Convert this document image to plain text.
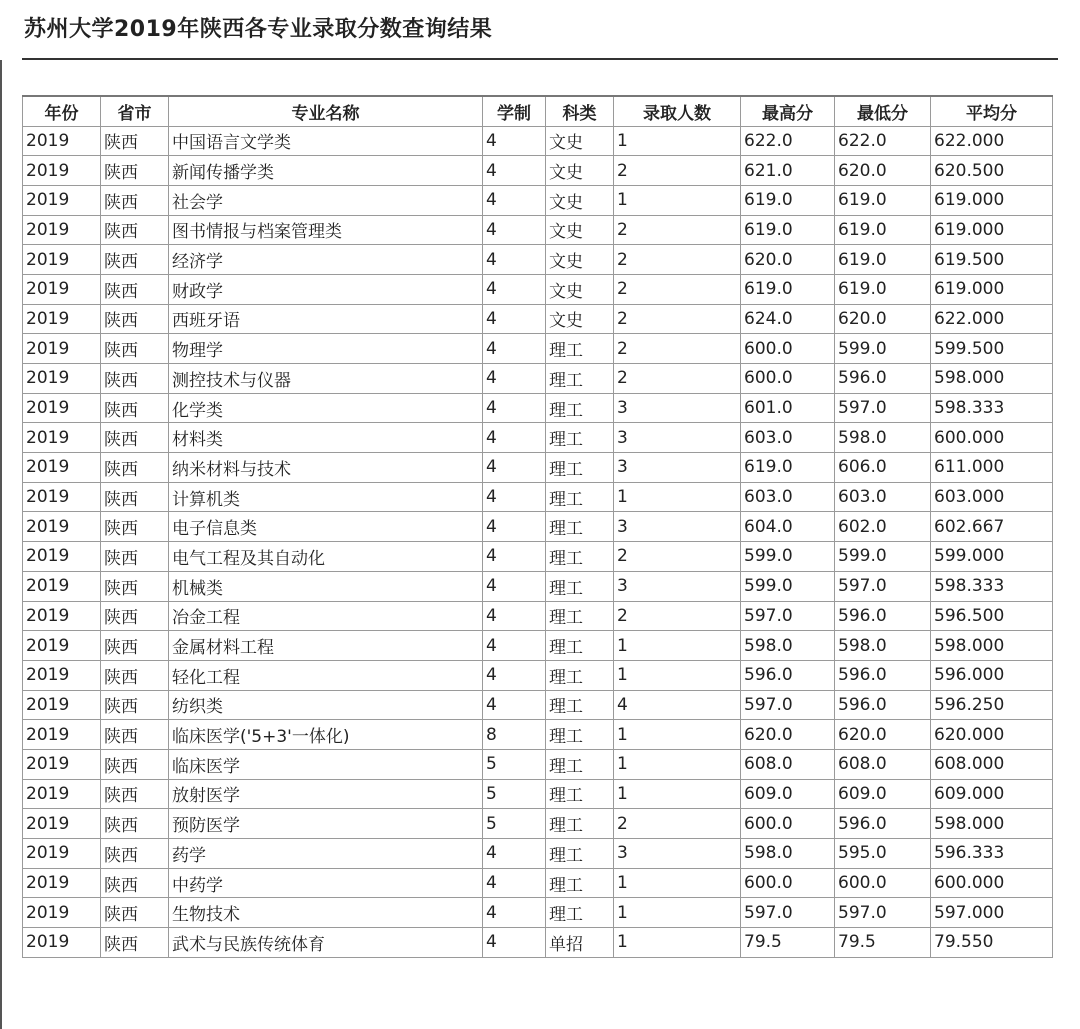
苏州大学2019年陕西各专业录取分数查询结果
年份	省市	专业名称	学制	科类	录取人数	最高分	最低分	平均分
2019	陕西	中国语言文学类	4	文史	1	622.0	622.0	622.000
2019	陕西	新闻传播学类	4	文史	2	621.0	620.0	620.500
2019	陕西	社会学	4	文史	1	619.0	619.0	619.000
2019	陕西	图书情报与档案管理类	4	文史	2	619.0	619.0	619.000
2019	陕西	经济学	4	文史	2	620.0	619.0	619.500
2019	陕西	财政学	4	文史	2	619.0	619.0	619.000
2019	陕西	西班牙语	4	文史	2	624.0	620.0	622.000
2019	陕西	物理学	4	理工	2	600.0	599.0	599.500
2019	陕西	测控技术与仪器	4	理工	2	600.0	596.0	598.000
2019	陕西	化学类	4	理工	3	601.0	597.0	598.333
2019	陕西	材料类	4	理工	3	603.0	598.0	600.000
2019	陕西	纳米材料与技术	4	理工	3	619.0	606.0	611.000
2019	陕西	计算机类	4	理工	1	603.0	603.0	603.000
2019	陕西	电子信息类	4	理工	3	604.0	602.0	602.667
2019	陕西	电气工程及其自动化	4	理工	2	599.0	599.0	599.000
2019	陕西	机械类	4	理工	3	599.0	597.0	598.333
2019	陕西	冶金工程	4	理工	2	597.0	596.0	596.500
2019	陕西	金属材料工程	4	理工	1	598.0	598.0	598.000
2019	陕西	轻化工程	4	理工	1	596.0	596.0	596.000
2019	陕西	纺织类	4	理工	4	597.0	596.0	596.250
2019	陕西	临床医学('5+3'一体化)	8	理工	1	620.0	620.0	620.000
2019	陕西	临床医学	5	理工	1	608.0	608.0	608.000
2019	陕西	放射医学	5	理工	1	609.0	609.0	609.000
2019	陕西	预防医学	5	理工	2	600.0	596.0	598.000
2019	陕西	药学	4	理工	3	598.0	595.0	596.333
2019	陕西	中药学	4	理工	1	600.0	600.0	600.000
2019	陕西	生物技术	4	理工	1	597.0	597.0	597.000
2019	陕西	武术与民族传统体育	4	单招	1	79.5	79.5	79.550
